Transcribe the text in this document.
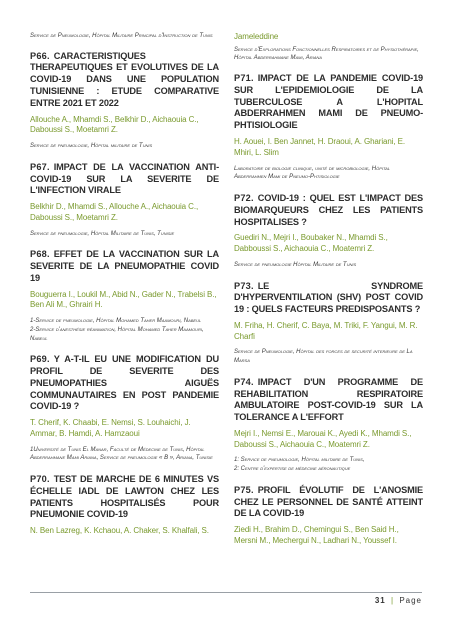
Service de Pneumologie, Hôpital Militaire Principal d'Instruction de Tunis

P66. CARACTERISTIQUES THERAPEUTIQUES ET EVOLUTIVES DE LA COVID-19 DANS UNE POPULATION TUNISIENNE : ETUDE COMPARATIVE ENTRE 2021 ET 2022

Allouche A., Mhamdi S., Belkhir D., Aichaouia C., Daboussi S., Moetamri Z.

Service de pneumologie, Hôpital militaire de Tunis

P67. IMPACT DE LA VACCINATION ANTI-COVID-19 SUR LA SEVERITE DE L'INFECTION VIRALE

Belkhir D., Mhamdi S., Allouche A., Aichaouia C., Daboussi S., Moetamri Z.

Service de pneumologie, Hôpital Militaire de Tunis, Tunisie

P68. EFFET DE LA VACCINATION SUR LA SEVERITE DE LA PNEUMOPATHIE COVID 19

Bouguerra I., Loukil M., Abid N., Gader N., Trabelsi B., Ben Ali M., Ghrairi H.

1-Service de pneumologie, Hôpital Mohamed Taher Maamouri, Nabeul
2-Service d'anesthésie réanimation, Hôpital Mohamed Taher Maamouri, Nabeul

P69. Y A-T-IL EU UNE MODIFICATION DU PROFIL DE SEVERITE DES PNEUMOPATHIES AIGUËS COMMUNAUTAIRES EN POST PANDEMIE COVID-19 ?

T. Cherif, K. Chaabi, E. Nemsi, S. Louhaichi, J. Ammar, B. Hamdi, A. Hamzaoui

1Université de Tunis El Manar, Faculté de Médecine de Tunis, Hôpital Abderrahmane Mami Ariana, Service de pneumologie « B », Ariana, Tunisie

P70. TEST DE MARCHE DE 6 MINUTES VS ÉCHELLE IADL DE LAWTON CHEZ LES PATIENTS HOSPITALISÉS POUR PNEUMONIE COVID-19

N. Ben Lazreg, K. Kchaou, A. Chaker, S. Khalfali, S.

Jameleddine

Service d'Explorations Fonctionnelles Respiratoires et de Physiothérapie, Hôpital Abderrahmane Mami, Ariana

P71. IMPACT DE LA PANDEMIE COVID-19 SUR L'EPIDEMIOLOGIE DE LA TUBERCULOSE A L'HOPITAL ABDERRAHMEN MAMI DE PNEUMO-PHTISIOLOGIE

H. Aouei, I. Ben Jannet, H. Draoui, A. Ghariani, E. Mhiri, L. Slim

Laboratoire de biologie clinique, unité de microbiologie, Hôpital Abderrahmen Mami de Pneumo-Phtisiologie

P72. COVID-19 : QUEL EST L'IMPACT DES BIOMARQUEURS CHEZ LES PATIENTS HOSPITALISES ?

Guediri N., Mejri I., Boubaker N., Mhamdi S., Dabboussi S., Aichaouia C., Moatemri Z.

Service de pneumologie Hôpital Militaire de Tunis

P73. LE SYNDROME D'HYPERVENTILATION (SHV) POST COVID 19 : QUELS FACTEURS PREDISPOSANTS ?

M. Friha, H. Cherif, C. Baya, M. Triki, F. Yangui, M. R. Charfi

Service de Pneumologie, Hôpital des forces de securité interieure de La Marsa

P74. IMPACT D'UN PROGRAMME DE REHABILITATION RESPIRATOIRE AMBULATOIRE POST-COVID-19 SUR LA TOLERANCE A L'EFFORT

Mejri I., Nemsi E., Marouai K., Ayedi K., Mhamdi S., Daboussi S., Aichaouia C., Moatemri Z.

1: Service de pneumologie, Hôpital militaire de Tunis,
2: Centre d'expertise de médecine aéronautique

P75. PROFIL ÉVOLUTIF DE L'ANOSMIE CHEZ LE PERSONNEL DE SANTÉ ATTEINT DE LA COVID-19

Ziedi H., Brahim D., Chemingui S., Ben Said H., Mersni M., Mechergui N., Ladhari N., Youssef I.

31 | Page
